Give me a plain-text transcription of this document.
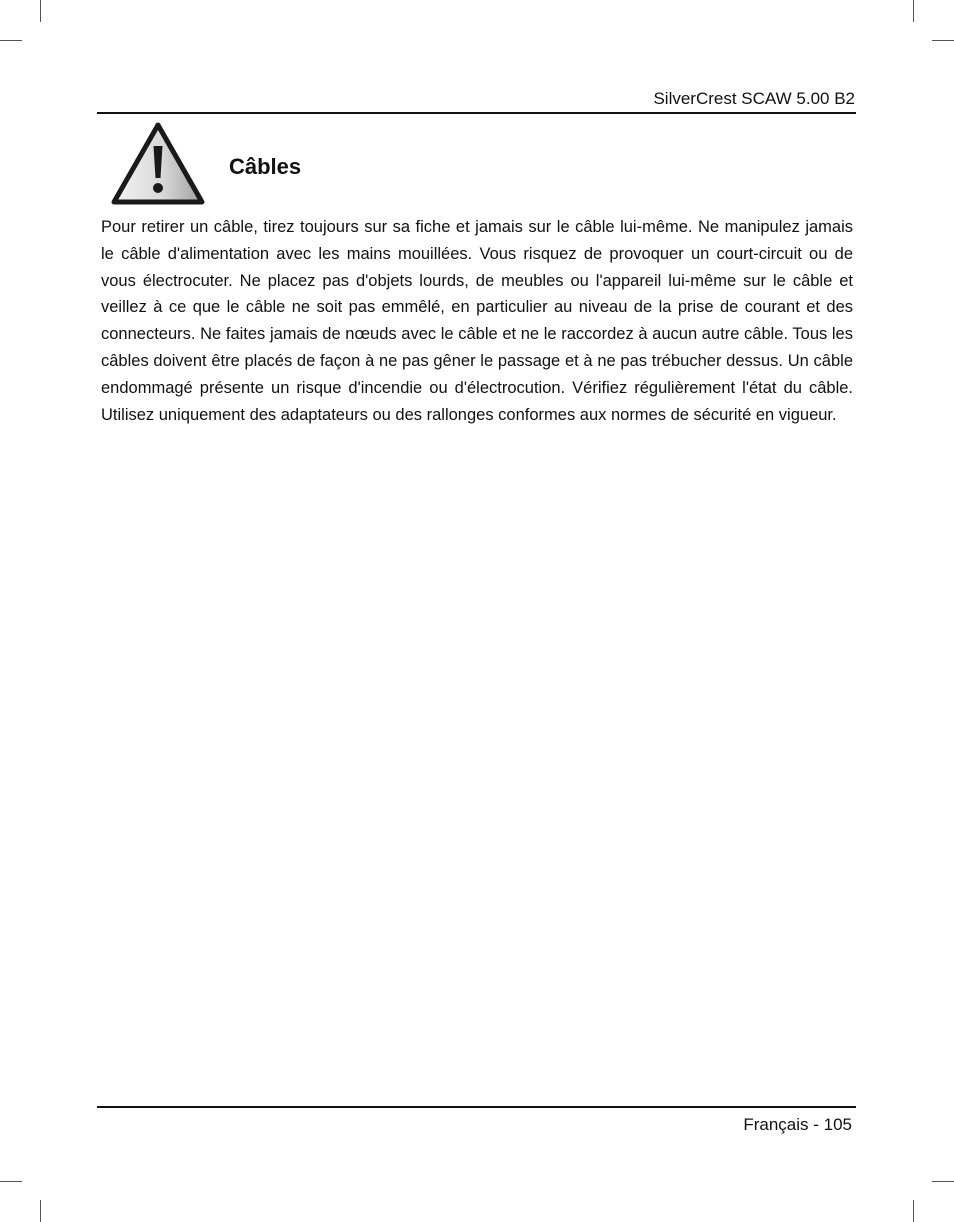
SilverCrest SCAW 5.00 B2
Câbles

Pour retirer un câble, tirez toujours sur sa fiche et jamais sur le câble lui-même. Ne manipulez jamais le câble d'alimentation avec les mains mouillées. Vous risquez de provoquer un court-circuit ou de vous électrocuter. Ne placez pas d'objets lourds, de meubles ou l'appareil lui-même sur le câble et veillez à ce que le câble ne soit pas emmêlé, en particulier au niveau de la prise de courant et des connecteurs. Ne faites jamais de nœuds avec le câble et ne le raccordez à aucun autre câble. Tous les câbles doivent être placés de façon à ne pas gêner le passage et à ne pas trébucher dessus. Un câble endommagé présente un risque d'incendie ou d'électrocution. Vérifiez régulièrement l'état du câble. Utilisez uniquement des adaptateurs ou des rallonges conformes aux normes de sécurité en vigueur.

Français - 105
